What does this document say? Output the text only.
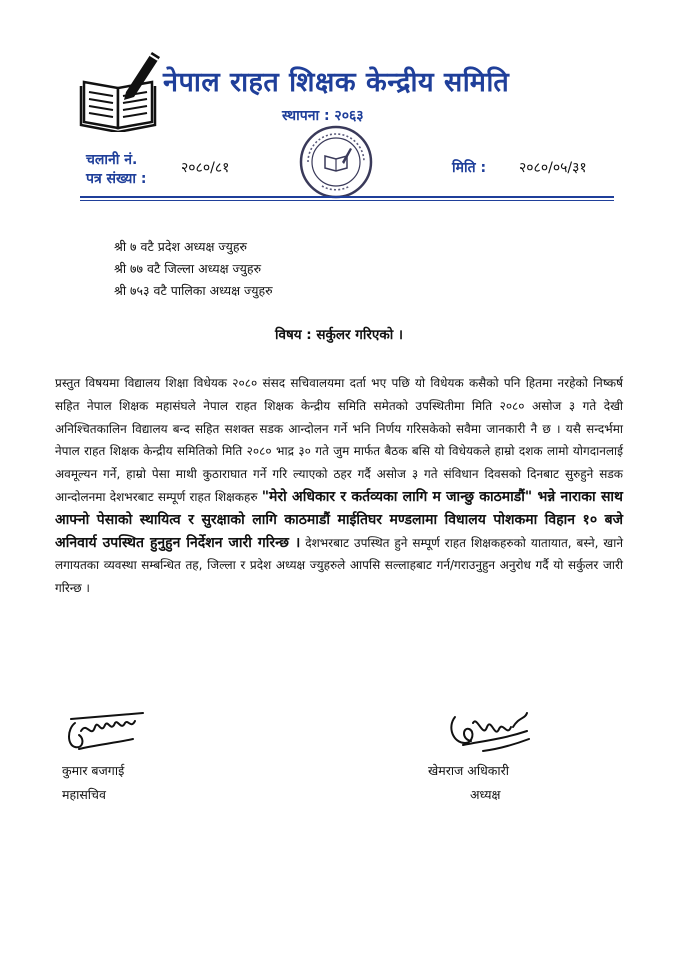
नेपाल राहत शिक्षक केन्द्रीय समिति
स्थापना : २०६३
चलानी नं.
पत्र संख्या :
२०८०/८१	मिति : २०८०/०५/३१
श्री ७ वटै प्रदेश अध्यक्ष ज्युहरु
श्री ७७ वटै जिल्ला अध्यक्ष ज्युहरु
श्री ७५३ वटै पालिका अध्यक्ष ज्युहरु
विषय : सर्कुलर गरिएको ।
प्रस्तुत विषयमा विद्यालय शिक्षा विधेयक २०८० संसद सचिवालयमा दर्ता भए पछि यो विधेयक कसैको पनि हितमा नरहेको निष्कर्ष सहित नेपाल शिक्षक महासंघले नेपाल राहत शिक्षक केन्द्रीय समिति समेतको उपस्थितीमा मिति २०८० असोज ३ गते देखी अनिश्चितकालिन विद्यालय बन्द सहित सशक्त सडक आन्दोलन गर्ने भनि निर्णय गरिसकेको सवैमा जानकारी नै छ । यसै सन्दर्भमा नेपाल राहत शिक्षक केन्द्रीय समितिको मिति २०८० भाद्र ३० गते जुम मार्फत बैठक बसि यो विधेयकले हाम्रो दशक लामो योगदानलाई अवमूल्यन गर्ने, हाम्रो पेसा माथी कुठाराघात गर्ने गरि ल्याएको ठहर गर्दै असोज ३ गते संविधान दिवसको दिनबाट सुरुहुने सडक आन्दोलनमा देशभरबाट सम्पूर्ण राहत शिक्षकहरु "मेरो अधिकार र कर्तव्यका लागि म जान्छु काठमाडौं" भन्ने नाराका साथ आफ्नो पेसाको स्थायित्व र सुरक्षाको लागि काठमाडौं माईतिघर मण्डलामा विधालय पोशकमा विहान १० बजे अनिवार्य उपस्थित हुनुहुन निर्देशन जारी गरिन्छ । देशभरबाट उपस्थित हुने सम्पूर्ण राहत शिक्षकहरुको यातायात, बस्ने, खाने लगायतका व्यवस्था सम्बन्धित तह, जिल्ला र प्रदेश अध्यक्ष ज्युहरुले आपसि सल्लाहबाट गर्न/गराउनुहुन अनुरोध गर्दै यो सर्कुलर जारी गरिन्छ ।
कुमार बजगाई
महासचिव
खेमराज अधिकारी
अध्यक्ष
